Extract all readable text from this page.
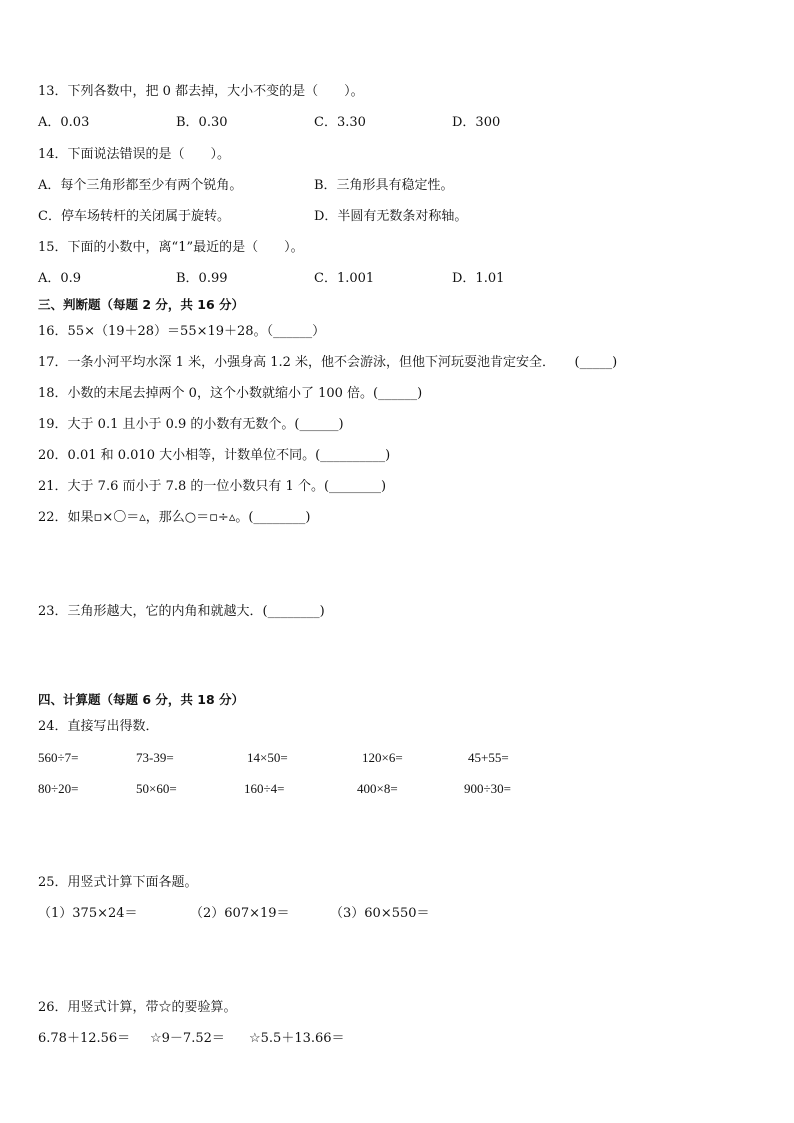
13．下列各数中，把 0 都去掉，大小不变的是（　　）。
A．0.03	B．0.30	C．3.30	D．300
14．下面说法错误的是（　　）。
A．每个三角形都至少有两个锐角。	B．三角形具有稳定性。
C．停车场转杆的关闭属于旋转。	D．半圆有无数条对称轴。
15．下面的小数中，离“1”最近的是（　　）。
A．0.9	B．0.99	C．1.001	D．1.01
三、判断题（每题 2 分，共 16 分）
16．55×（19＋28）＝55×19＋28。（______）
17．一条小河平均水深 1 米，小强身高 1.2 米，他不会游泳，但他下河玩耍池肯定安全．　　(_____)
18．小数的末尾去掉两个 0，这个小数就缩小了 100 倍。(______)
19．大于 0.1 且小于 0.9 的小数有无数个。(______)
20．0.01 和 0.010 大小相等，计数单位不同。(__________)
21．大于 7.6 而小于 7.8 的一位小数只有 1 个。(________)
22．如果▫×〇＝▵，那么○＝▫÷▵。(________)
23．三角形越大，它的内角和就越大．(________)
四、计算题（每题 6 分，共 18 分）
24．直接写出得数．
560÷7=	73-39=	14×50=	120×6=	45+55=
80÷20=	50×60=	160÷4=	400×8=	900÷30=
25．用竖式计算下面各题。
（1）375×24＝	（2）607×19＝	（3）60×550＝
26．用竖式计算，带☆的要验算。
6.78＋12.56＝ ☆9－7.52＝ ☆5.5＋13.66＝
